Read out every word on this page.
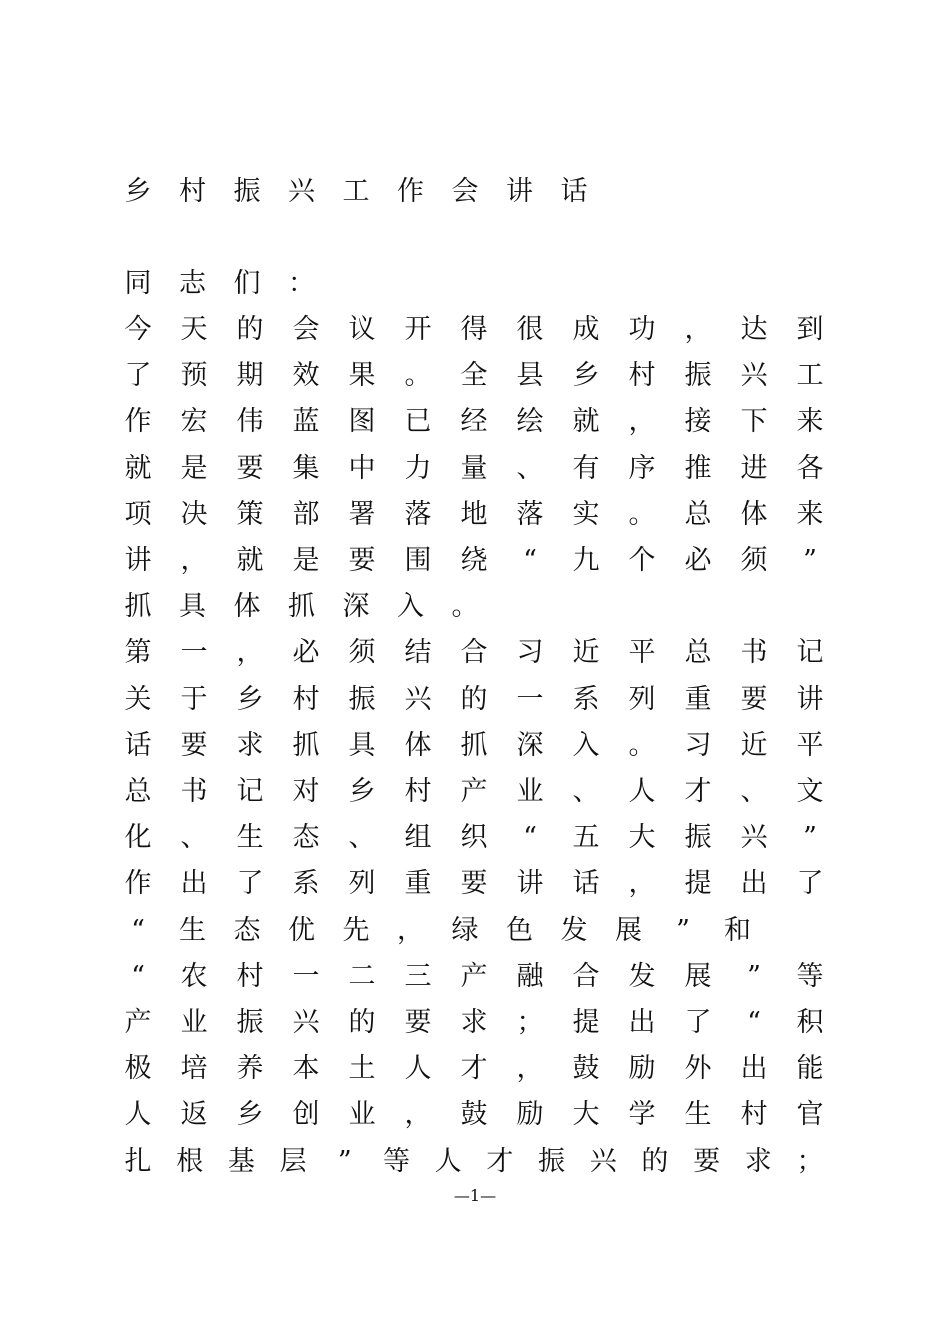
乡 村 振 兴 工 作 会 讲 话
同 志 们 ：
今 天 的 会 议 开 得 很 成 功 ， 达 到
了 预 期 效 果 。 全 县 乡 村 振 兴 工
作 宏 伟 蓝 图 已 经 绘 就 ， 接 下 来
就 是 要 集 中 力 量 、 有 序 推 进 各
项 决 策 部 署 落 地 落 实 。 总 体 来
讲 ， 就 是 要 围 绕 “ 九 个 必 须 ”
抓 具 体 抓 深 入 。
第 一 ， 必 须 结 合 习 近 平 总 书 记
关 于 乡 村 振 兴 的 一 系 列 重 要 讲
话 要 求 抓 具 体 抓 深 入 。 习 近 平
总 书 记 对 乡 村 产 业 、 人 才 、 文
化 、 生 态 、 组 织 “ 五 大 振 兴 ”
作 出 了 系 列 重 要 讲 话 ， 提 出 了
“ 生 态 优 先 ， 绿 色 发 展 ” 和
“ 农 村 一 二 三 产 融 合 发 展 ” 等
产 业 振 兴 的 要 求 ； 提 出 了 “ 积
极 培 养 本 土 人 才 ， 鼓 励 外 出 能
人 返 乡 创 业 ， 鼓 励 大 学 生 村 官
扎 根 基 层 ” 等 人 才 振 兴 的 要 求 ；
—1—
